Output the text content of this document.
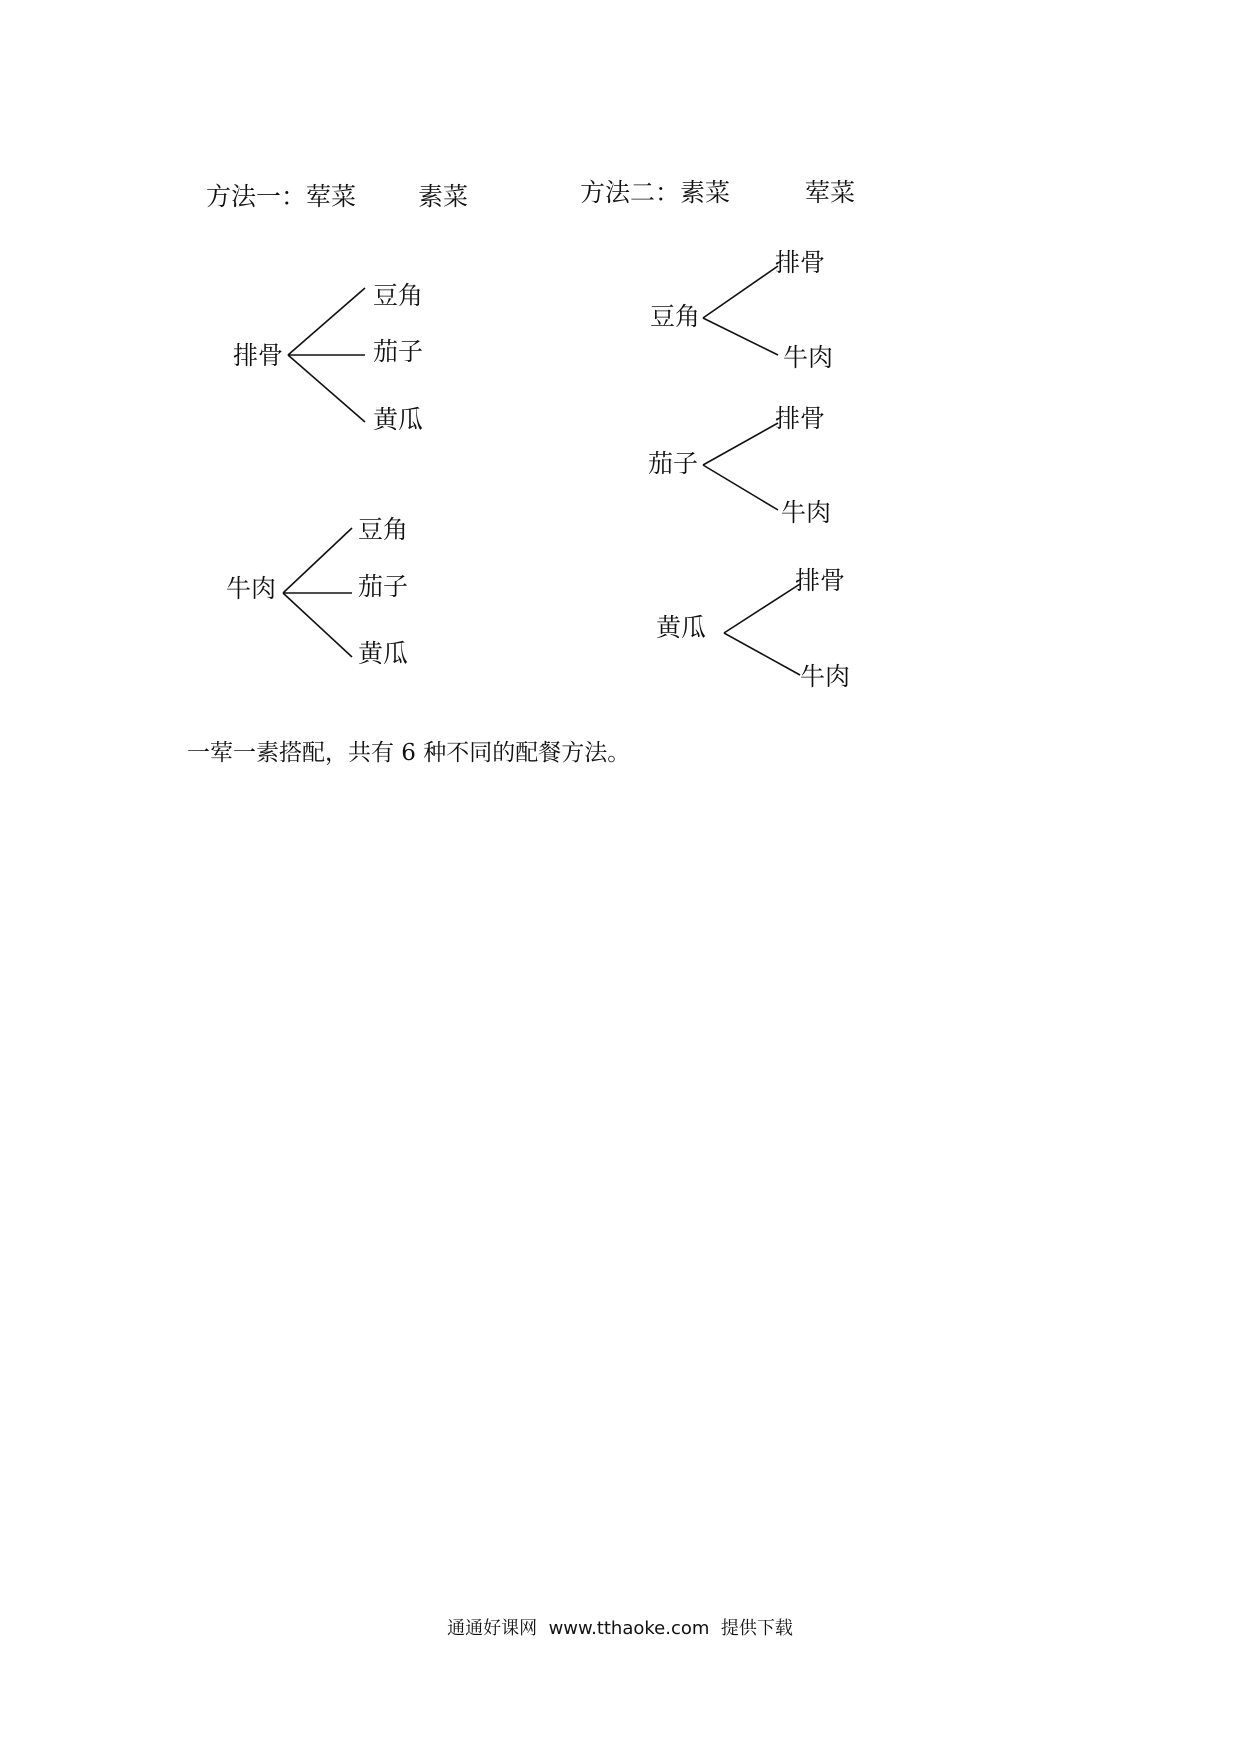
方法一：荤菜 素菜	方法二：素菜	荤菜
排骨
豆角
茄子
黄瓜
牛肉
豆角
茄子
黄瓜
豆角
排骨
牛肉
茄子
排骨
牛肉
黄瓜
排骨
牛肉
一荤一素搭配，共有 6 种不同的配餐方法。
通通好课网  www.tthaoke.com  提供下载
